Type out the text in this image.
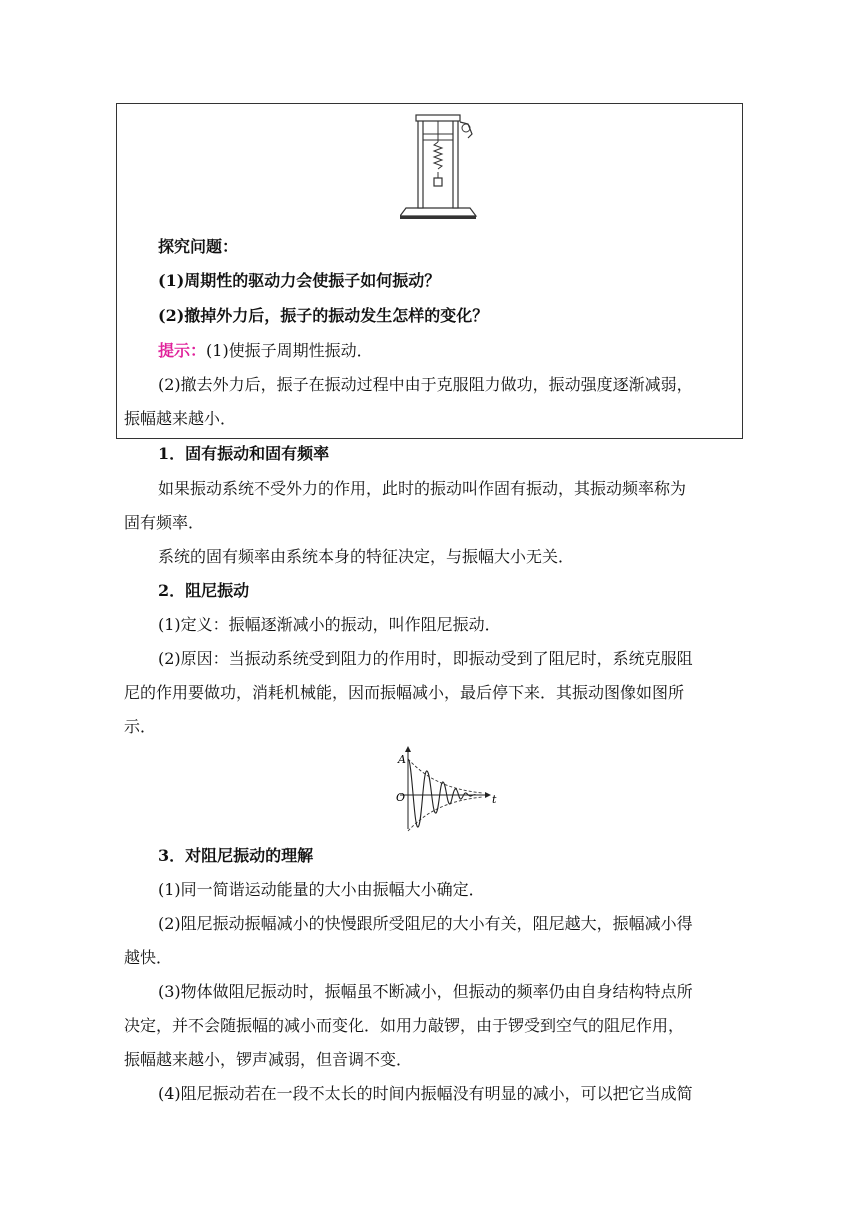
探究问题：
(1)周期性的驱动力会使振子如何振动？
(2)撤掉外力后，振子的振动发生怎样的变化？
提示：(1)使振子周期性振动．
(2)撤去外力后，振子在振动过程中由于克服阻力做功，振动强度逐渐减弱，
振幅越来越小．
1．固有振动和固有频率
如果振动系统不受外力的作用，此时的振动叫作固有振动，其振动频率称为
固有频率．
系统的固有频率由系统本身的特征决定，与振幅大小无关．
2．阻尼振动
(1)定义：振幅逐渐减小的振动，叫作阻尼振动．
(2)原因：当振动系统受到阻力的作用时，即振动受到了阻尼时，系统克服阻
尼的作用要做功，消耗机械能，因而振幅减小，最后停下来．其振动图像如图所
示．
A
O	t
3．对阻尼振动的理解
(1)同一简谐运动能量的大小由振幅大小确定．
(2)阻尼振动振幅减小的快慢跟所受阻尼的大小有关，阻尼越大，振幅减小得
越快．
(3)物体做阻尼振动时，振幅虽不断减小，但振动的频率仍由自身结构特点所
决定，并不会随振幅的减小而变化．如用力敲锣，由于锣受到空气的阻尼作用，
振幅越来越小，锣声减弱，但音调不变．
(4)阻尼振动若在一段不太长的时间内振幅没有明显的减小，可以把它当成简
